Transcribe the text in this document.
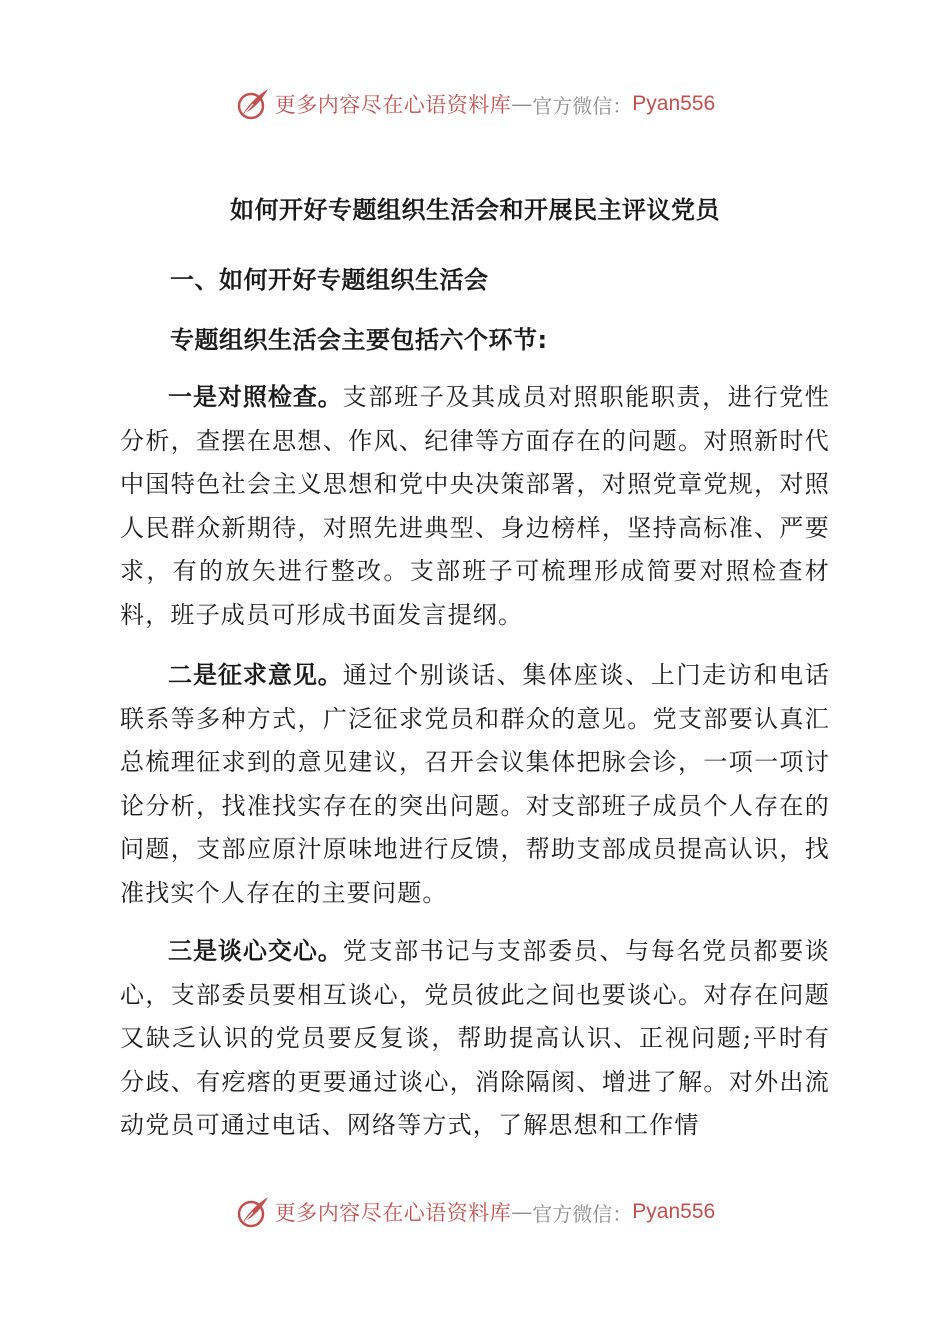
更多内容尽在心语资料库 — 官方微信： Pyan556
如何开好专题组织生活会和开展民主评议党员
一、如何开好专题组织生活会
专题组织生活会主要包括六个环节:
一是对照检查。支部班子及其成员对照职能职责，进行党性分析，查摆在思想、作风、纪律等方面存在的问题。对照新时代中国特色社会主义思想和党中央决策部署，对照党章党规，对照人民群众新期待，对照先进典型、身边榜样，坚持高标准、严要求，有的放矢进行整改。支部班子可梳理形成简要对照检查材料，班子成员可形成书面发言提纲。
二是征求意见。通过个别谈话、集体座谈、上门走访和电话联系等多种方式，广泛征求党员和群众的意见。党支部要认真汇总梳理征求到的意见建议，召开会议集体把脉会诊，一项一项讨论分析，找准找实存在的突出问题。对支部班子成员个人存在的问题，支部应原汁原味地进行反馈，帮助支部成员提高认识，找准找实个人存在的主要问题。
三是谈心交心。党支部书记与支部委员、与每名党员都要谈心，支部委员要相互谈心，党员彼此之间也要谈心。对存在问题又缺乏认识的党员要反复谈，帮助提高认识、正视问题;平时有分歧、有疙瘩的更要通过谈心，消除隔阂、增进了解。对外出流动党员可通过电话、网络等方式，了解思想和工作情
更多内容尽在心语资料库 — 官方微信： Pyan556
